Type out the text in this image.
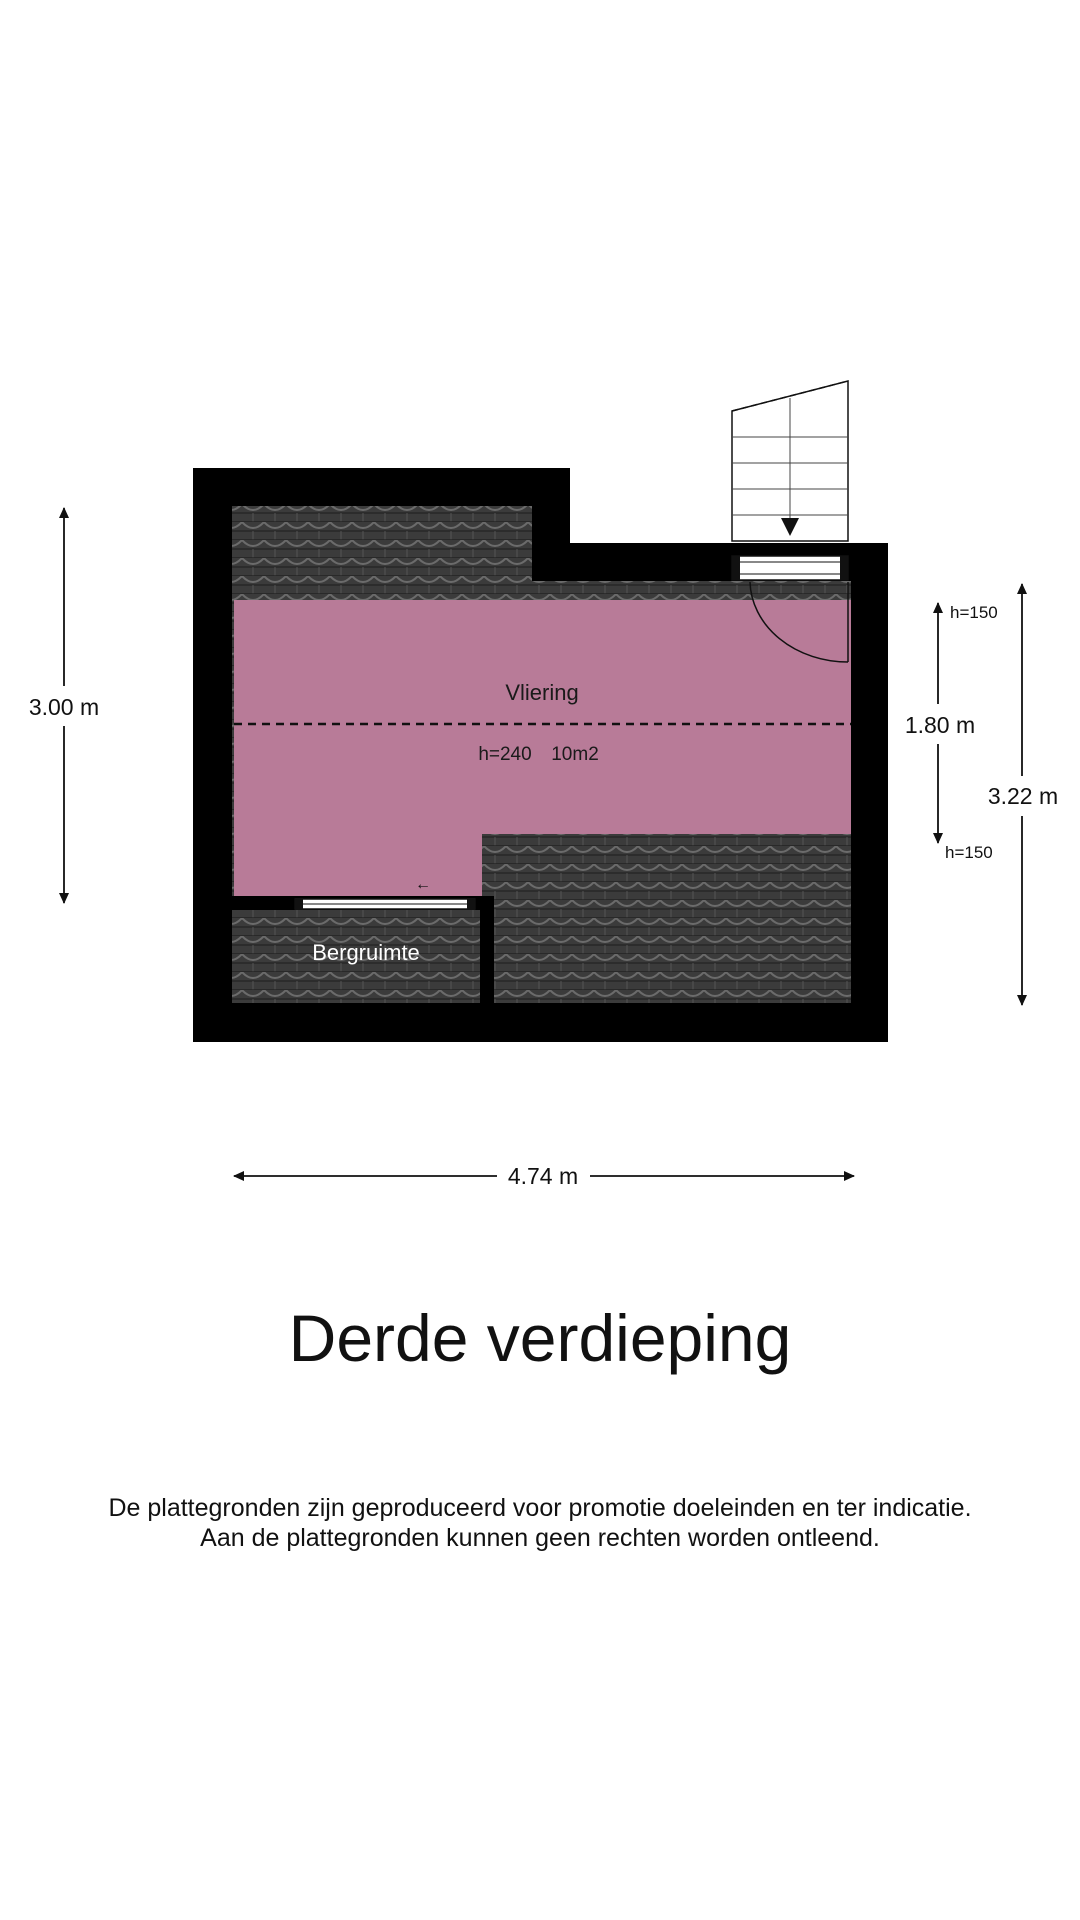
←
Vliering
h=240 10m2
Bergruimte
3.00 m
1.80 m
h=150
h=150
3.22 m
4.74 m
Derde verdieping
De plattegronden zijn geproduceerd voor promotie doeleinden en ter indicatie.
Aan de plattegronden kunnen geen rechten worden ontleend.
